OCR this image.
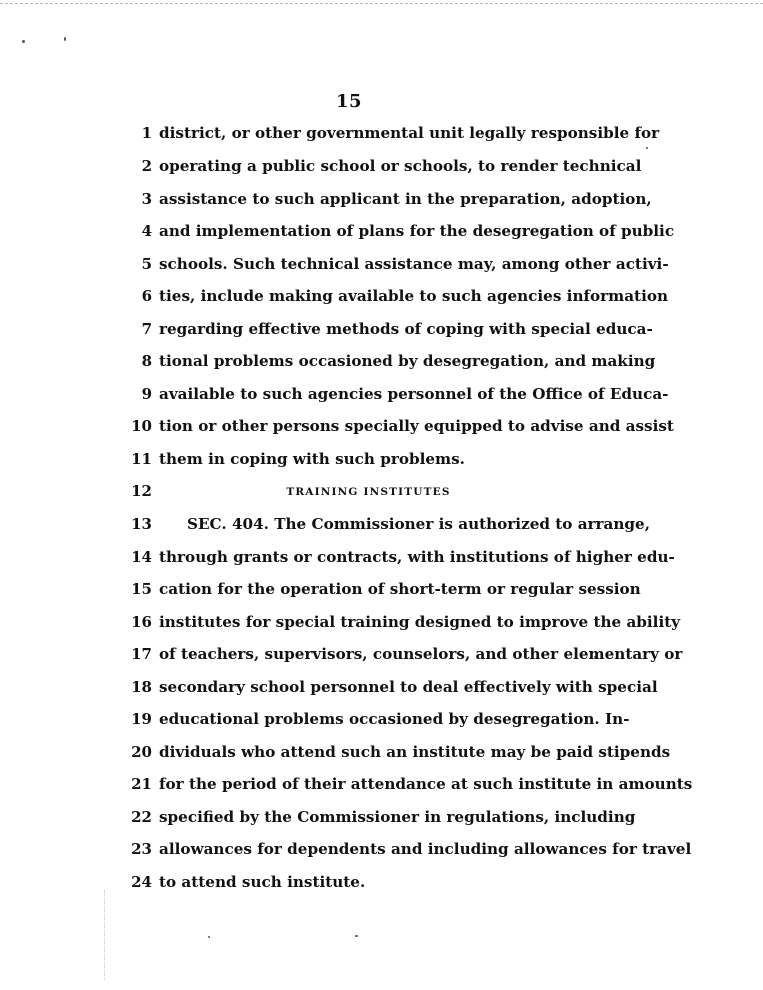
15
1 district, or other governmental unit legally responsible for
2 operating a public school or schools, to render technical
3 assistance to such applicant in the preparation, adoption,
4 and implementation of plans for the desegregation of public
5 schools. Such technical assistance may, among other activi-
6 ties, include making available to such agencies information
7 regarding effective methods of coping with special educa-
8 tional problems occasioned by desegregation, and making
9 available to such agencies personnel of the Office of Educa-
10 tion or other persons specially equipped to advise and assist
11 them in coping with such problems.
12	TRAINING INSTITUTES
13 SEC. 404. The Commissioner is authorized to arrange,
14 through grants or contracts, with institutions of higher edu-
15 cation for the operation of short-term or regular session
16 institutes for special training designed to improve the ability
17 of teachers, supervisors, counselors, and other elementary or
18 secondary school personnel to deal effectively with special
19 educational problems occasioned by desegregation. In-
20 dividuals who attend such an institute may be paid stipends
21 for the period of their attendance at such institute in amounts
22 specified by the Commissioner in regulations, including
23 allowances for dependents and including allowances for travel
24 to attend such institute.
